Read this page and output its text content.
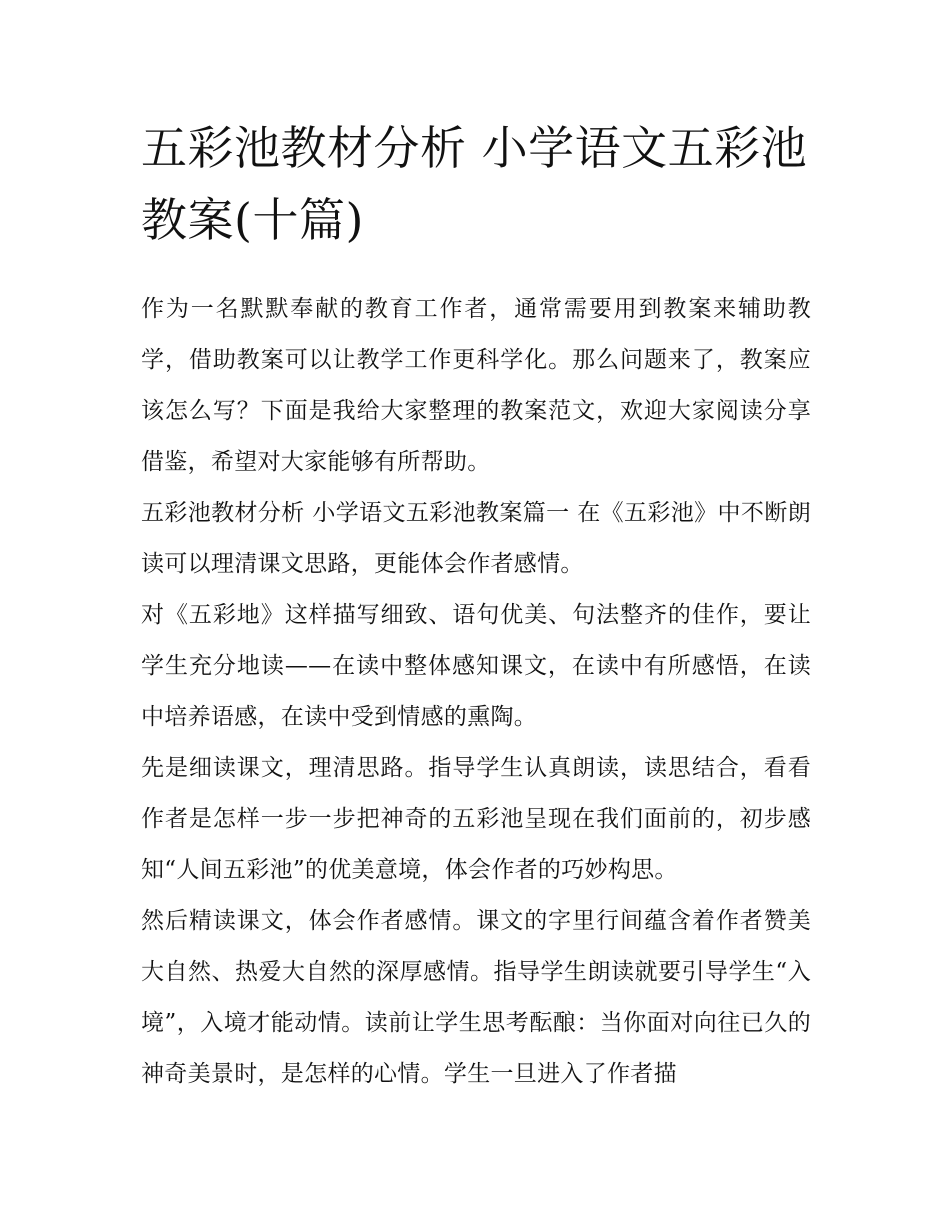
五彩池教材分析 小学语文五彩池教案(十篇)

作为一名默默奉献的教育工作者，通常需要用到教案来辅助教学，借助教案可以让教学工作更科学化。那么问题来了，教案应该怎么写？下面是我给大家整理的教案范文，欢迎大家阅读分享借鉴，希望对大家能够有所帮助。

五彩池教材分析 小学语文五彩池教案篇一 在《五彩池》中不断朗读可以理清课文思路，更能体会作者感情。

对《五彩地》这样描写细致、语句优美、句法整齐的佳作，要让学生充分地读——在读中整体感知课文，在读中有所感悟，在读中培养语感，在读中受到情感的熏陶。

先是细读课文，理清思路。指导学生认真朗读，读思结合，看看作者是怎样一步一步把神奇的五彩池呈现在我们面前的，初步感知“人间五彩池”的优美意境，体会作者的巧妙构思。

然后精读课文，体会作者感情。课文的字里行间蕴含着作者赞美大自然、热爱大自然的深厚感情。指导学生朗读就要引导学生“入境”，入境才能动情。读前让学生思考酝酿：当你面对向往已久的神奇美景时，是怎样的心情。学生一旦进入了作者描
